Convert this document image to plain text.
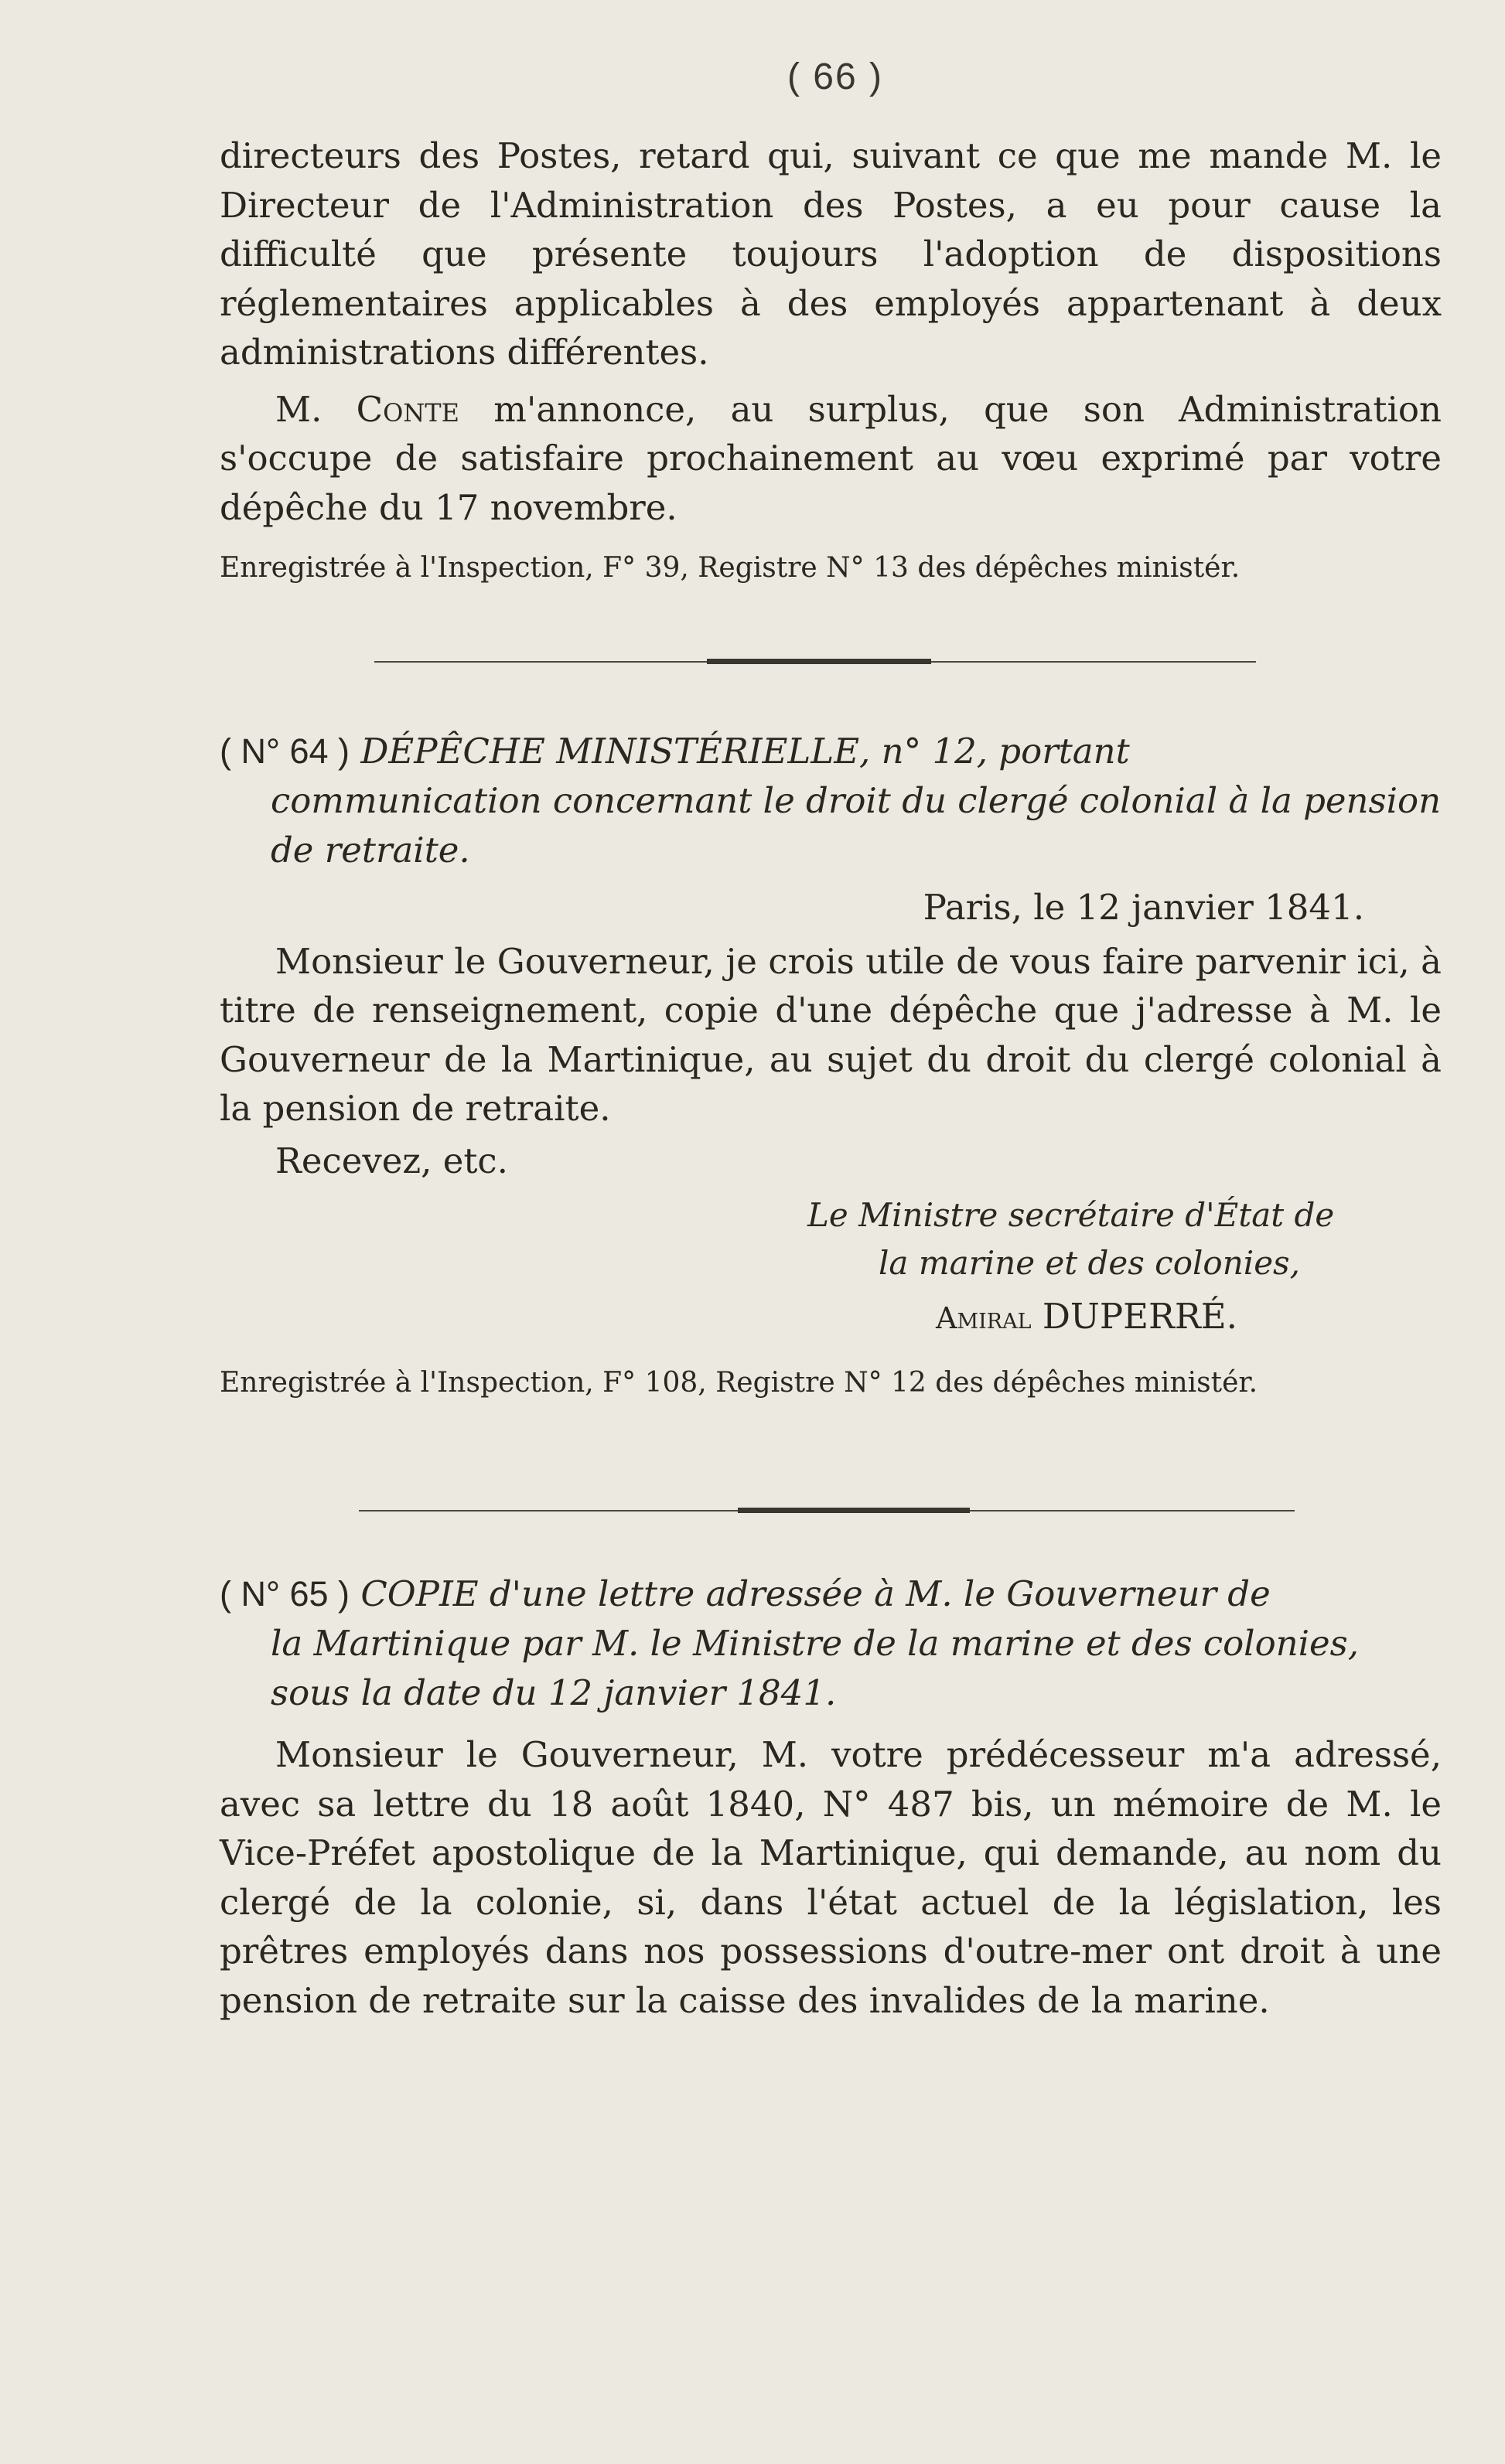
( 66 )

directeurs des Postes, retard qui, suivant ce que me mande M. le Directeur de l'Administration des Postes, a eu pour cause la difficulté que présente toujours l'adoption de dispositions réglementaires applicables à des employés appartenant à deux administrations différentes.

M. Conte m'annonce, au surplus, que son Administration s'occupe de satisfaire prochainement au vœu exprimé par votre dépêche du 17 novembre.

Enregistrée à l'Inspection, F° 39, Registre N° 13 des dépêches ministér.

( N° 64 ) DÉPÊCHE MINISTÉRIELLE, n° 12, portant
communication concernant le droit du clergé colonial à la pension de retraite.

Paris, le 12 janvier 1841.

Monsieur le Gouverneur, je crois utile de vous faire parvenir ici, à titre de renseignement, copie d'une dépêche que j'adresse à M. le Gouverneur de la Martinique, au sujet du droit du clergé colonial à la pension de retraite.

Recevez, etc.

Le Ministre secrétaire d'État de

la marine et des colonies,

Amiral DUPERRÉ.

Enregistrée à l'Inspection, F° 108, Registre N° 12 des dépêches ministér.

( N° 65 ) COPIE d'une lettre adressée à M. le Gouverneur de
la Martinique par M. le Ministre de la marine et des colonies, sous la date du 12 janvier 1841.

Monsieur le Gouverneur, M. votre prédécesseur m'a adressé, avec sa lettre du 18 août 1840, N° 487 bis, un mémoire de M. le Vice-Préfet apostolique de la Martinique, qui demande, au nom du clergé de la colonie, si, dans l'état actuel de la législation, les prêtres employés dans nos possessions d'outre-mer ont droit à une pension de retraite sur la caisse des invalides de la marine.
